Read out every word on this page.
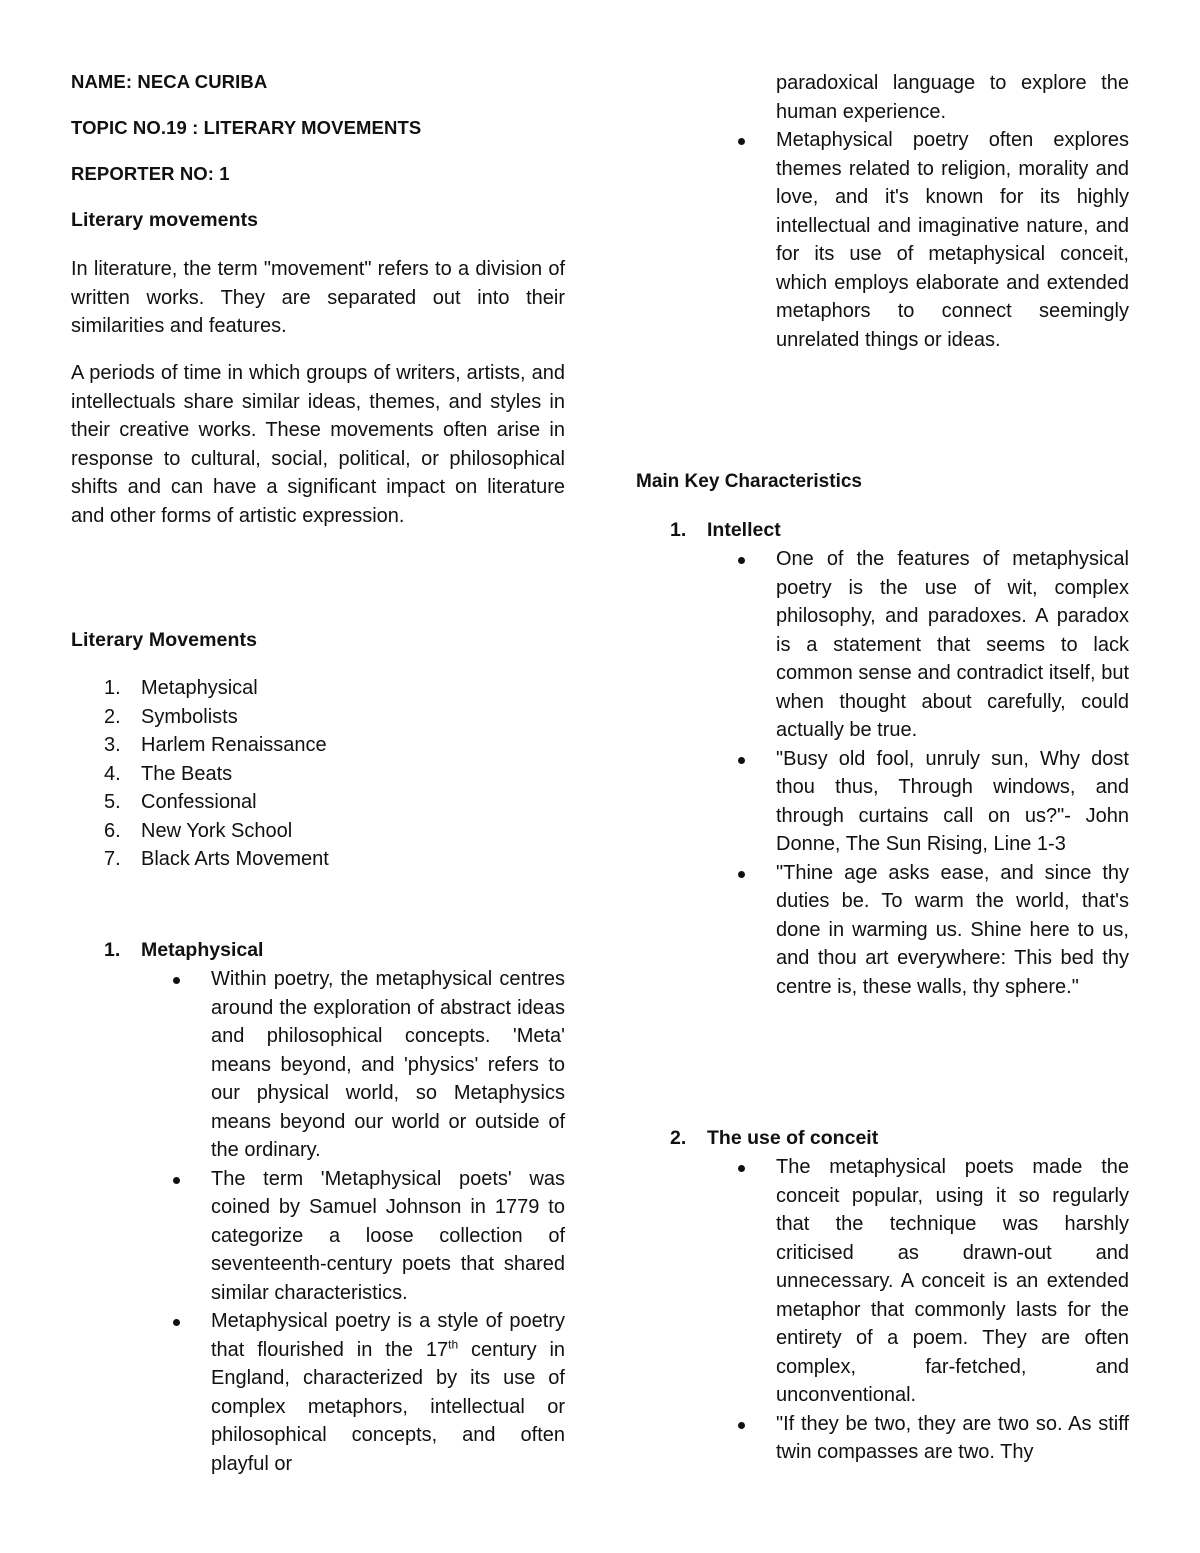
NAME: NECA CURIBA
TOPIC NO.19 : LITERARY MOVEMENTS
REPORTER NO: 1
Literary movements

In literature, the term "movement" refers to a division of written works. They are separated out into their similarities and features.

A periods of time in which groups of writers, artists, and intellectuals share similar ideas, themes, and styles in their creative works. These movements often arise in response to cultural, social, political, or philosophical shifts and can have a significant impact on literature and other forms of artistic expression.

Literary Movements
1. Metaphysical
2. Symbolists
3. Harlem Renaissance
4. The Beats
5. Confessional
6. New York School
7. Black Arts Movement
1. Metaphysical
Within poetry, the metaphysical centres around the exploration of abstract ideas and philosophical concepts. 'Meta' means beyond, and 'physics' refers to our physical world, so Metaphysics means beyond our world or outside of the ordinary.
The term 'Metaphysical poets' was coined by Samuel Johnson in 1779 to categorize a loose collection of seventeenth-century poets that shared similar characteristics.
Metaphysical poetry is a style of poetry that flourished in the 17th century in England, characterized by its use of complex metaphors, intellectual or philosophical concepts, and often playful or
paradoxical language to explore the human experience.
Metaphysical poetry often explores themes related to religion, morality and love, and it's known for its highly intellectual and imaginative nature, and for its use of metaphysical conceit, which employs elaborate and extended metaphors to connect seemingly unrelated things or ideas.
Main Key Characteristics
1. Intellect
One of the features of metaphysical poetry is the use of wit, complex philosophy, and paradoxes. A paradox is a statement that seems to lack common sense and contradict itself, but when thought about carefully, could actually be true.
"Busy old fool, unruly sun, Why dost thou thus, Through windows, and through curtains call on us?"- John Donne, The Sun Rising, Line 1-3
"Thine age asks ease, and since thy duties be. To warm the world, that's done in warming us. Shine here to us, and thou art everywhere: This bed thy centre is, these walls, thy sphere."
2. The use of conceit
The metaphysical poets made the conceit popular, using it so regularly that the technique was harshly criticised as drawn-out and unnecessary. A conceit is an extended metaphor that commonly lasts for the entirety of a poem. They are often complex, far-fetched, and unconventional.
"If they be two, they are two so. As stiff twin compasses are two. Thy
